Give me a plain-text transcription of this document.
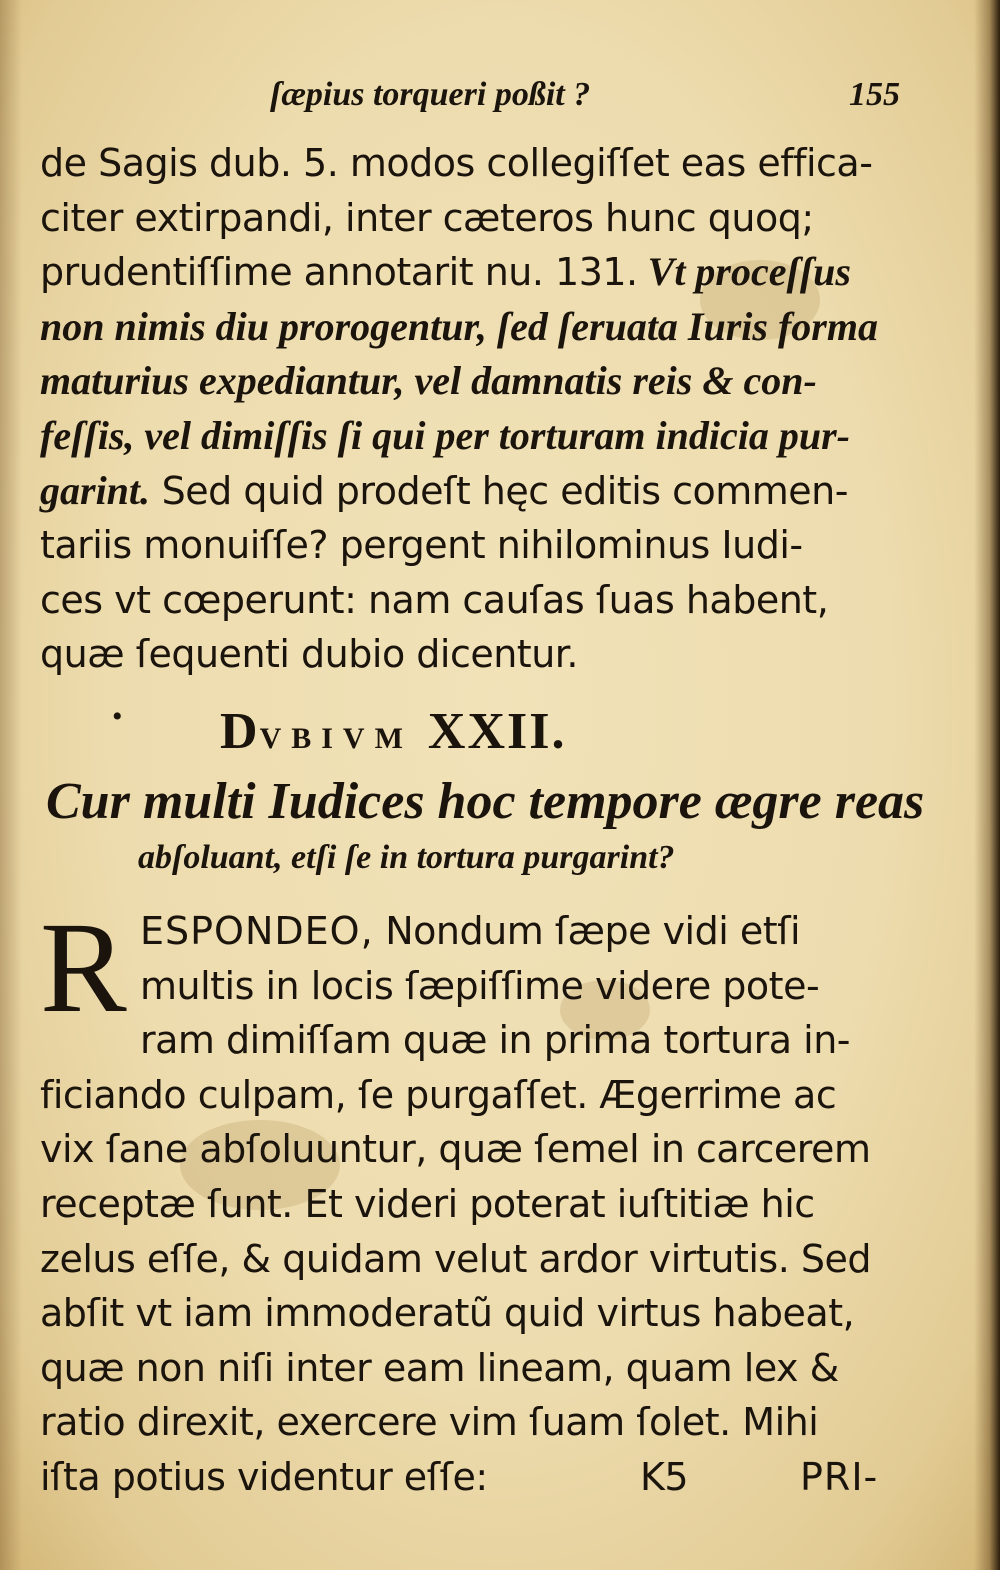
ſæpius torqueri poßit ?	155
de Sagis dub. 5. modos collegiſſet eas effica-
citer extirpandi, inter cæteros hunc quoq;
prudentiſſime annotarit nu. 131. Vt proceſſus
non nimis diu prorogentur, ſed ſeruata Iuris forma
maturius expediantur, vel damnatis reis & con-
feſſis, vel dimiſſis ſi qui per torturam indicia pur-
garint. Sed quid prodeſt hęc editis commen-
tariis monuiſſe? pergent nihilominus Iudi-
ces vt cœperunt: nam cauſas ſuas habent,
quæ ſequenti dubio dicentur.
• DVBIVM XXII.
Cur multi Iudices hoc tempore ægre reas
abſoluant, etſi ſe in tortura purgarint?
R ESPONDEO, Nondum ſæpe vidi etſi
multis in locis ſæpiſſime videre pote-
ram dimiſſam quæ in prima tortura in-
ficiando culpam, ſe purgaſſet. Ægerrime ac
vix ſane abſoluuntur, quæ ſemel in carcerem
receptæ ſunt. Et videri poterat iuſtitiæ hic
zelus eſſe, & quidam velut ardor virtutis. Sed
abſit vt iam immoderatũ quid virtus habeat,
quæ non niſi inter eam lineam, quam lex &
ratio direxit, exercere vim ſuam ſolet. Mihi
iſta potius videntur eſſe:	K5	PRI-
